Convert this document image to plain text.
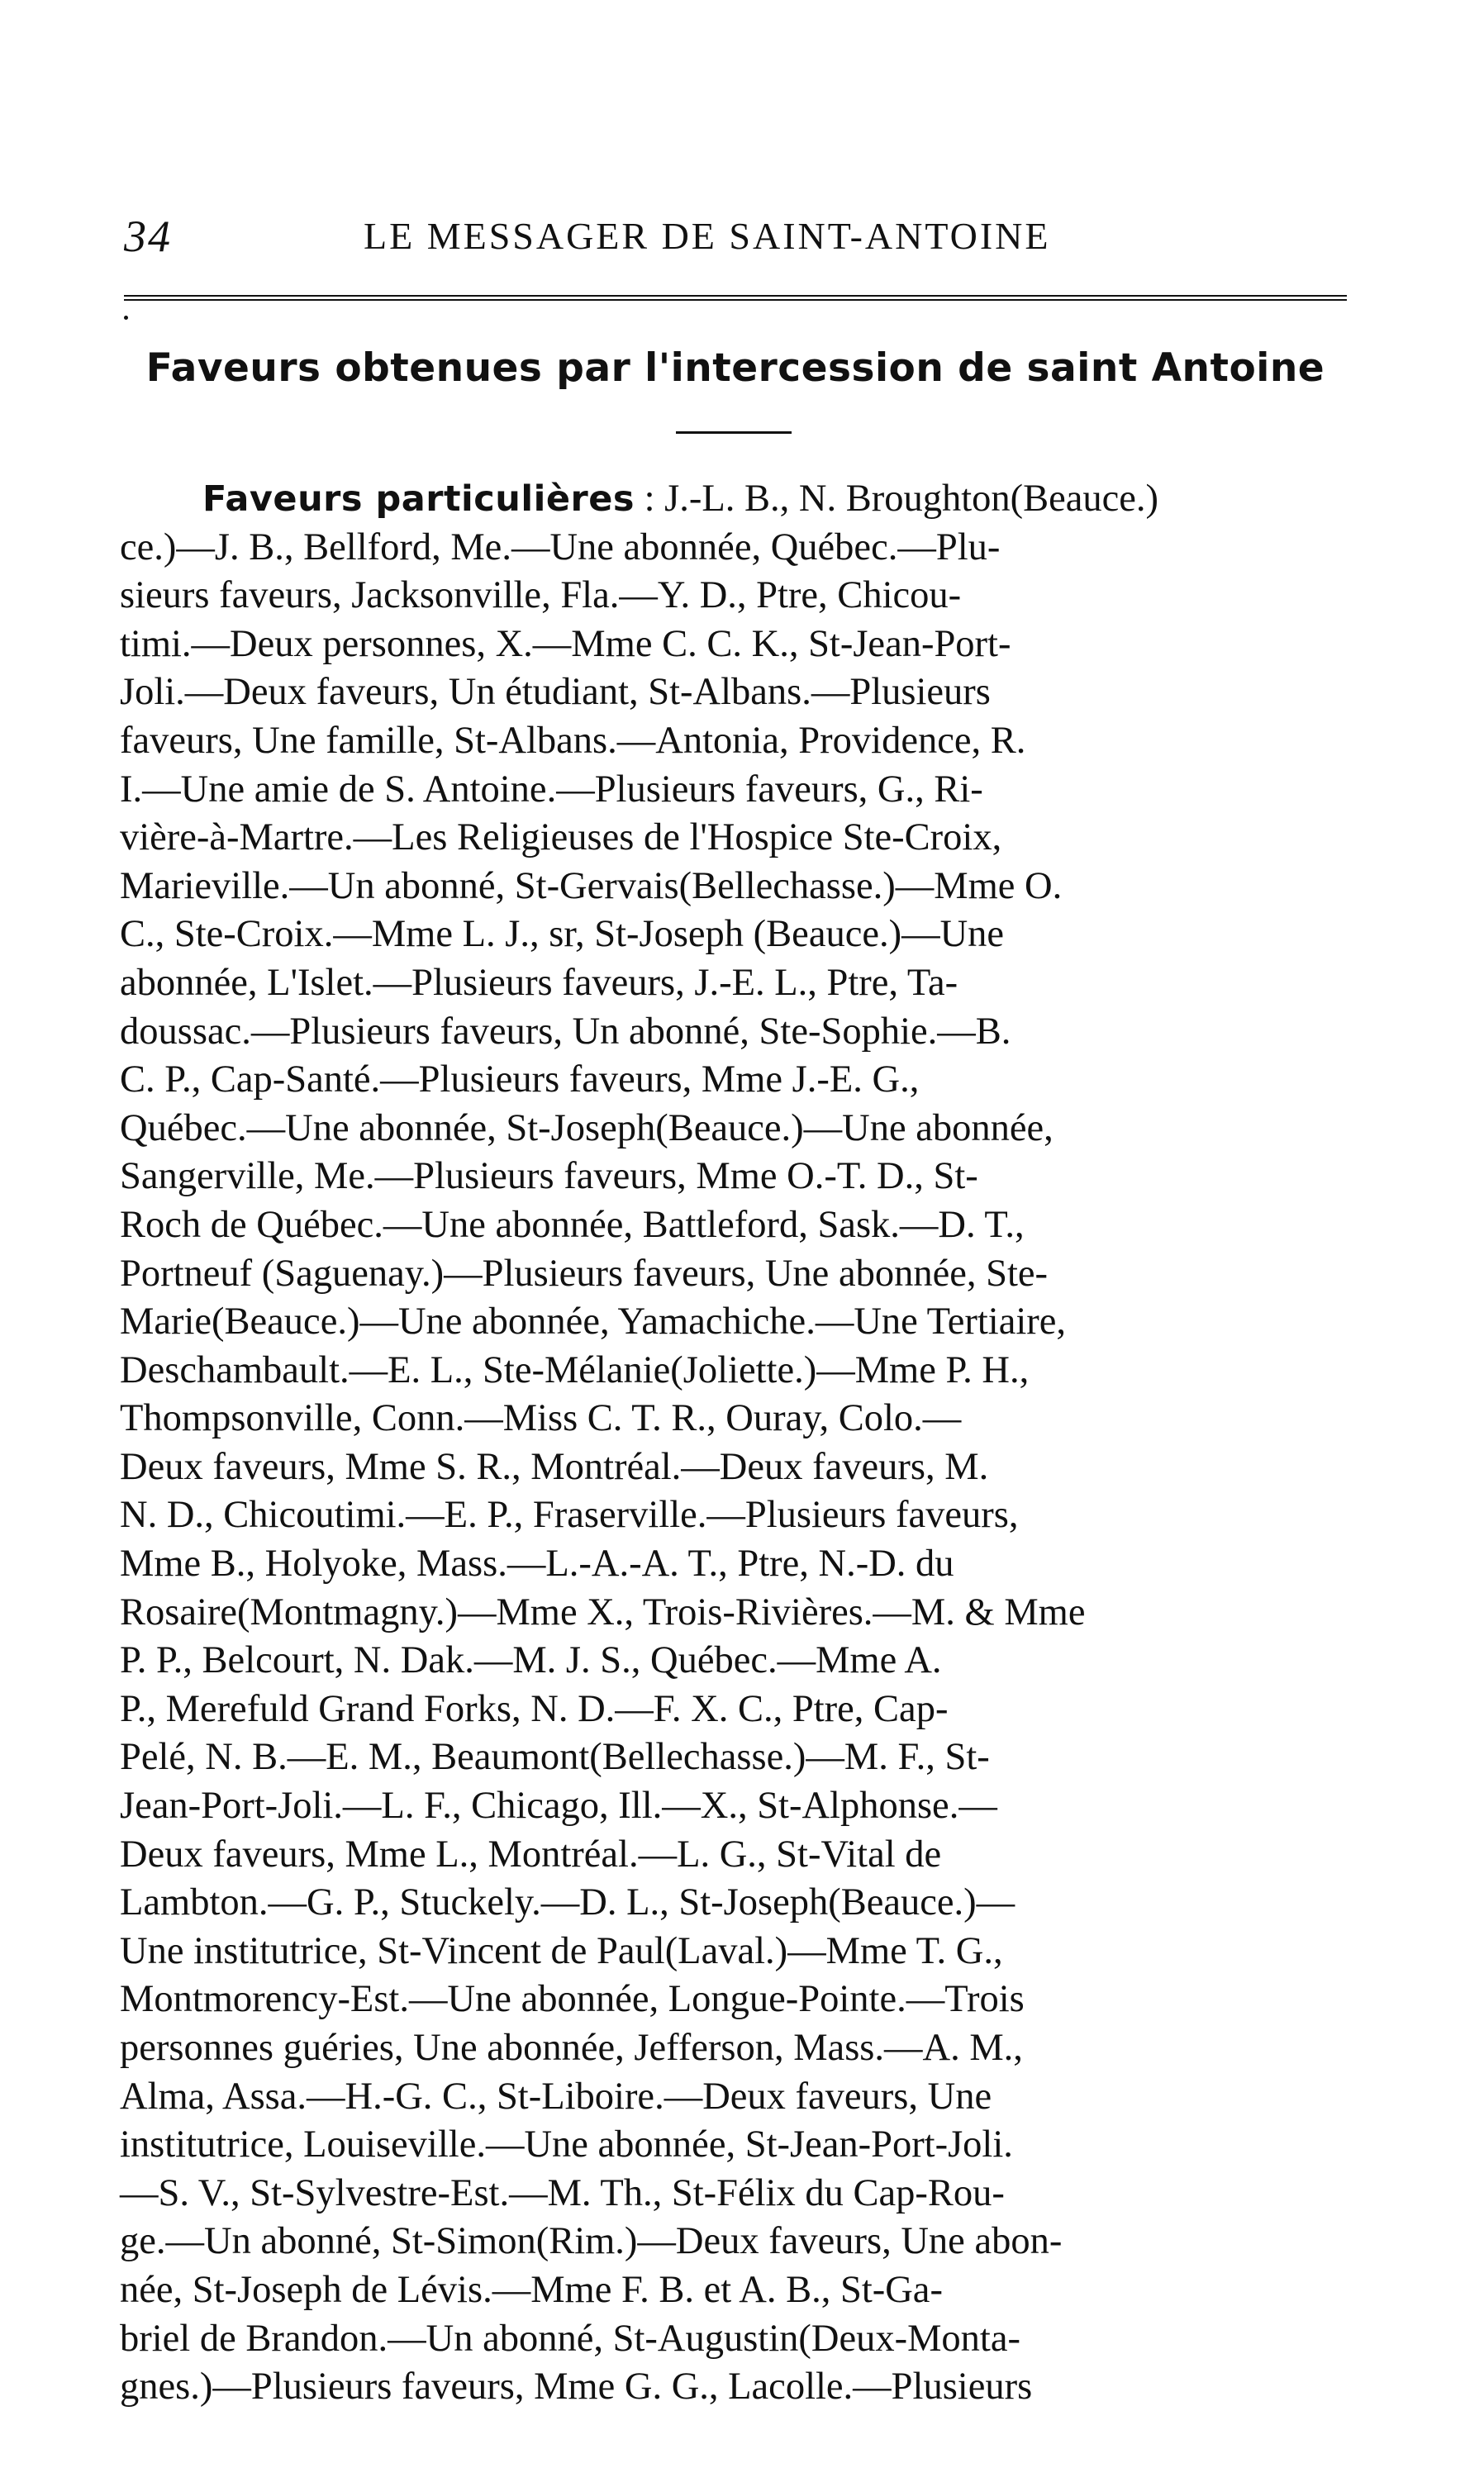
34	LE MESSAGER DE SAINT-ANTOINE
Faveurs obtenues par l'intercession de saint Antoine
Faveurs particulières : J.-L. B., N. Broughton(Beauce.)
ce.)—J. B., Bellford, Me.—Une abonnée, Québec.—Plu-
sieurs faveurs, Jacksonville, Fla.—Y. D., Ptre, Chicou-
timi.—Deux personnes, X.—Mme C. C. K., St-Jean-Port-
Joli.—Deux faveurs, Un étudiant, St-Albans.—Plusieurs
faveurs, Une famille, St-Albans.—Antonia, Providence, R.
I.—Une amie de S. Antoine.—Plusieurs faveurs, G., Ri-
vière-à-Martre.—Les Religieuses de l'Hospice Ste-Croix,
Marieville.—Un abonné, St-Gervais(Bellechasse.)—Mme O.
C., Ste-Croix.—Mme L. J., sr, St-Joseph (Beauce.)—Une
abonnée, L'Islet.—Plusieurs faveurs, J.-E. L., Ptre, Ta-
doussac.—Plusieurs faveurs, Un abonné, Ste-Sophie.—B.
C. P., Cap-Santé.—Plusieurs faveurs, Mme J.-E. G.,
Québec.—Une abonnée, St-Joseph(Beauce.)—Une abonnée,
Sangerville, Me.—Plusieurs faveurs, Mme O.-T. D., St-
Roch de Québec.—Une abonnée, Battleford, Sask.—D. T.,
Portneuf (Saguenay.)—Plusieurs faveurs, Une abonnée, Ste-
Marie(Beauce.)—Une abonnée, Yamachiche.—Une Tertiaire,
Deschambault.—E. L., Ste-Mélanie(Joliette.)—Mme P. H.,
Thompsonville, Conn.—Miss C. T. R., Ouray, Colo.—
Deux faveurs, Mme S. R., Montréal.—Deux faveurs, M.
N. D., Chicoutimi.—E. P., Fraserville.—Plusieurs faveurs,
Mme B., Holyoke, Mass.—L.-A.-A. T., Ptre, N.-D. du
Rosaire(Montmagny.)—Mme X., Trois-Rivières.—M. & Mme
P. P., Belcourt, N. Dak.—M. J. S., Québec.—Mme A.
P., Merefuld Grand Forks, N. D.—F. X. C., Ptre, Cap-
Pelé, N. B.—E. M., Beaumont(Bellechasse.)—M. F., St-
Jean-Port-Joli.—L. F., Chicago, Ill.—X., St-Alphonse.—
Deux faveurs, Mme L., Montréal.—L. G., St-Vital de
Lambton.—G. P., Stuckely.—D. L., St-Joseph(Beauce.)—
Une institutrice, St-Vincent de Paul(Laval.)—Mme T. G.,
Montmorency-Est.—Une abonnée, Longue-Pointe.—Trois
personnes guéries, Une abonnée, Jefferson, Mass.—A. M.,
Alma, Assa.—H.-G. C., St-Liboire.—Deux faveurs, Une
institutrice, Louiseville.—Une abonnée, St-Jean-Port-Joli.
—S. V., St-Sylvestre-Est.—M. Th., St-Félix du Cap-Rou-
ge.—Un abonné, St-Simon(Rim.)—Deux faveurs, Une abon-
née, St-Joseph de Lévis.—Mme F. B. et A. B., St-Ga-
briel de Brandon.—Un abonné, St-Augustin(Deux-Monta-
gnes.)—Plusieurs faveurs, Mme G. G., Lacolle.—Plusieurs
